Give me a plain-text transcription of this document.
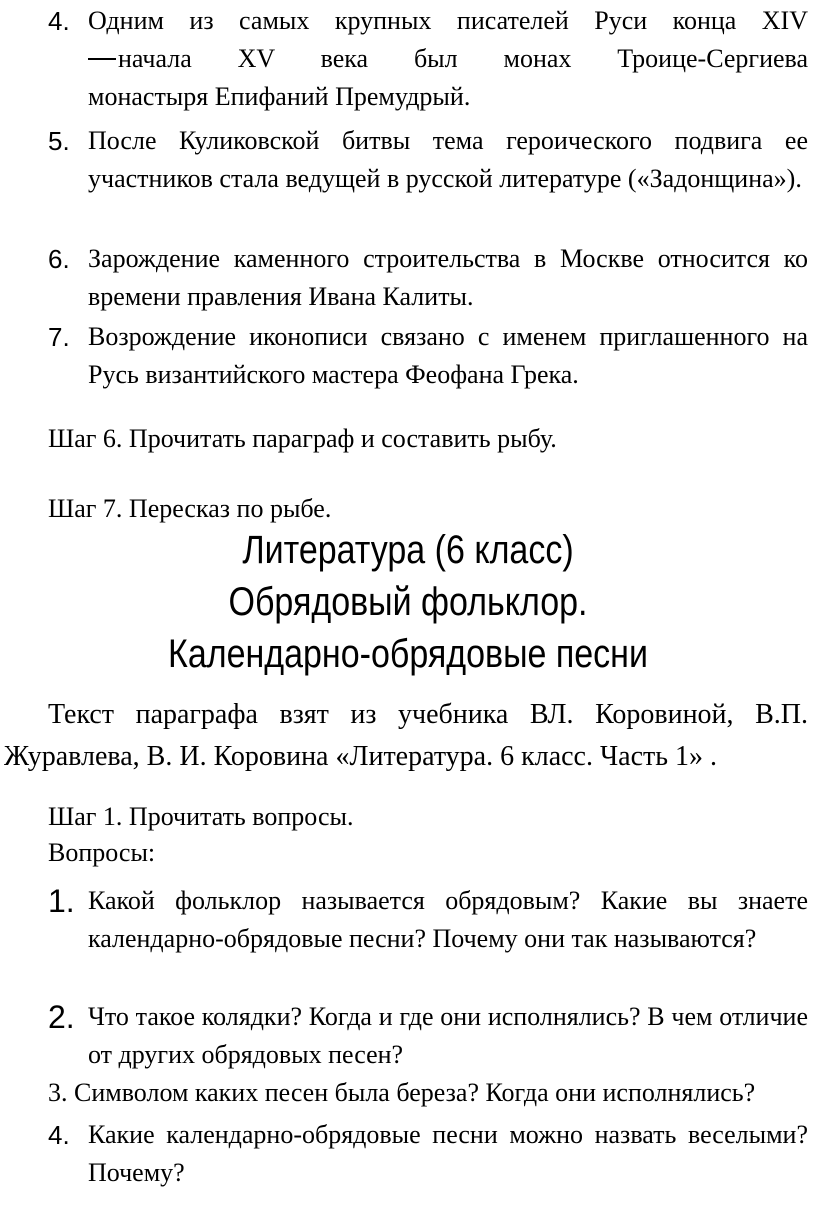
4. Одним из самых крупных писателей Руси конца XIV
начала XV века был монах Троице-Сергиева
монастыря Епифаний Премудрый.
5. После Куликовской битвы тема героического подвига ее участников стала ведущей в русской литературе («Задонщина»).
6. Зарождение каменного строительства в Москве относится ко времени правления Ивана Калиты.
7. Возрождение иконописи связано с именем приглашенного на Русь византийского мастера Феофана Грека.
Шаг 6. Прочитать параграф и составить рыбу.
Шаг 7. Пересказ по рыбе.
Литература (6 класс)
Обрядовый фольклор.
Календарно-обрядовые песни
Текст параграфа взят из учебника ВЛ. Коровиной, В.П.
Журавлева, В. И. Коровина «Литература. 6 класс. Часть 1» .
Шаг 1. Прочитать вопросы.
Вопросы:
1. Какой фольклор называется обрядовым? Какие вы знаете календарно-обрядовые песни? Почему они так называются?
2. Что такое колядки? Когда и где они исполнялись? В чем отличие от других обрядовых песен?
3. Символом каких песен была береза? Когда они исполнялись?
4. Какие календарно-обрядовые песни можно назвать веселыми? Почему?
